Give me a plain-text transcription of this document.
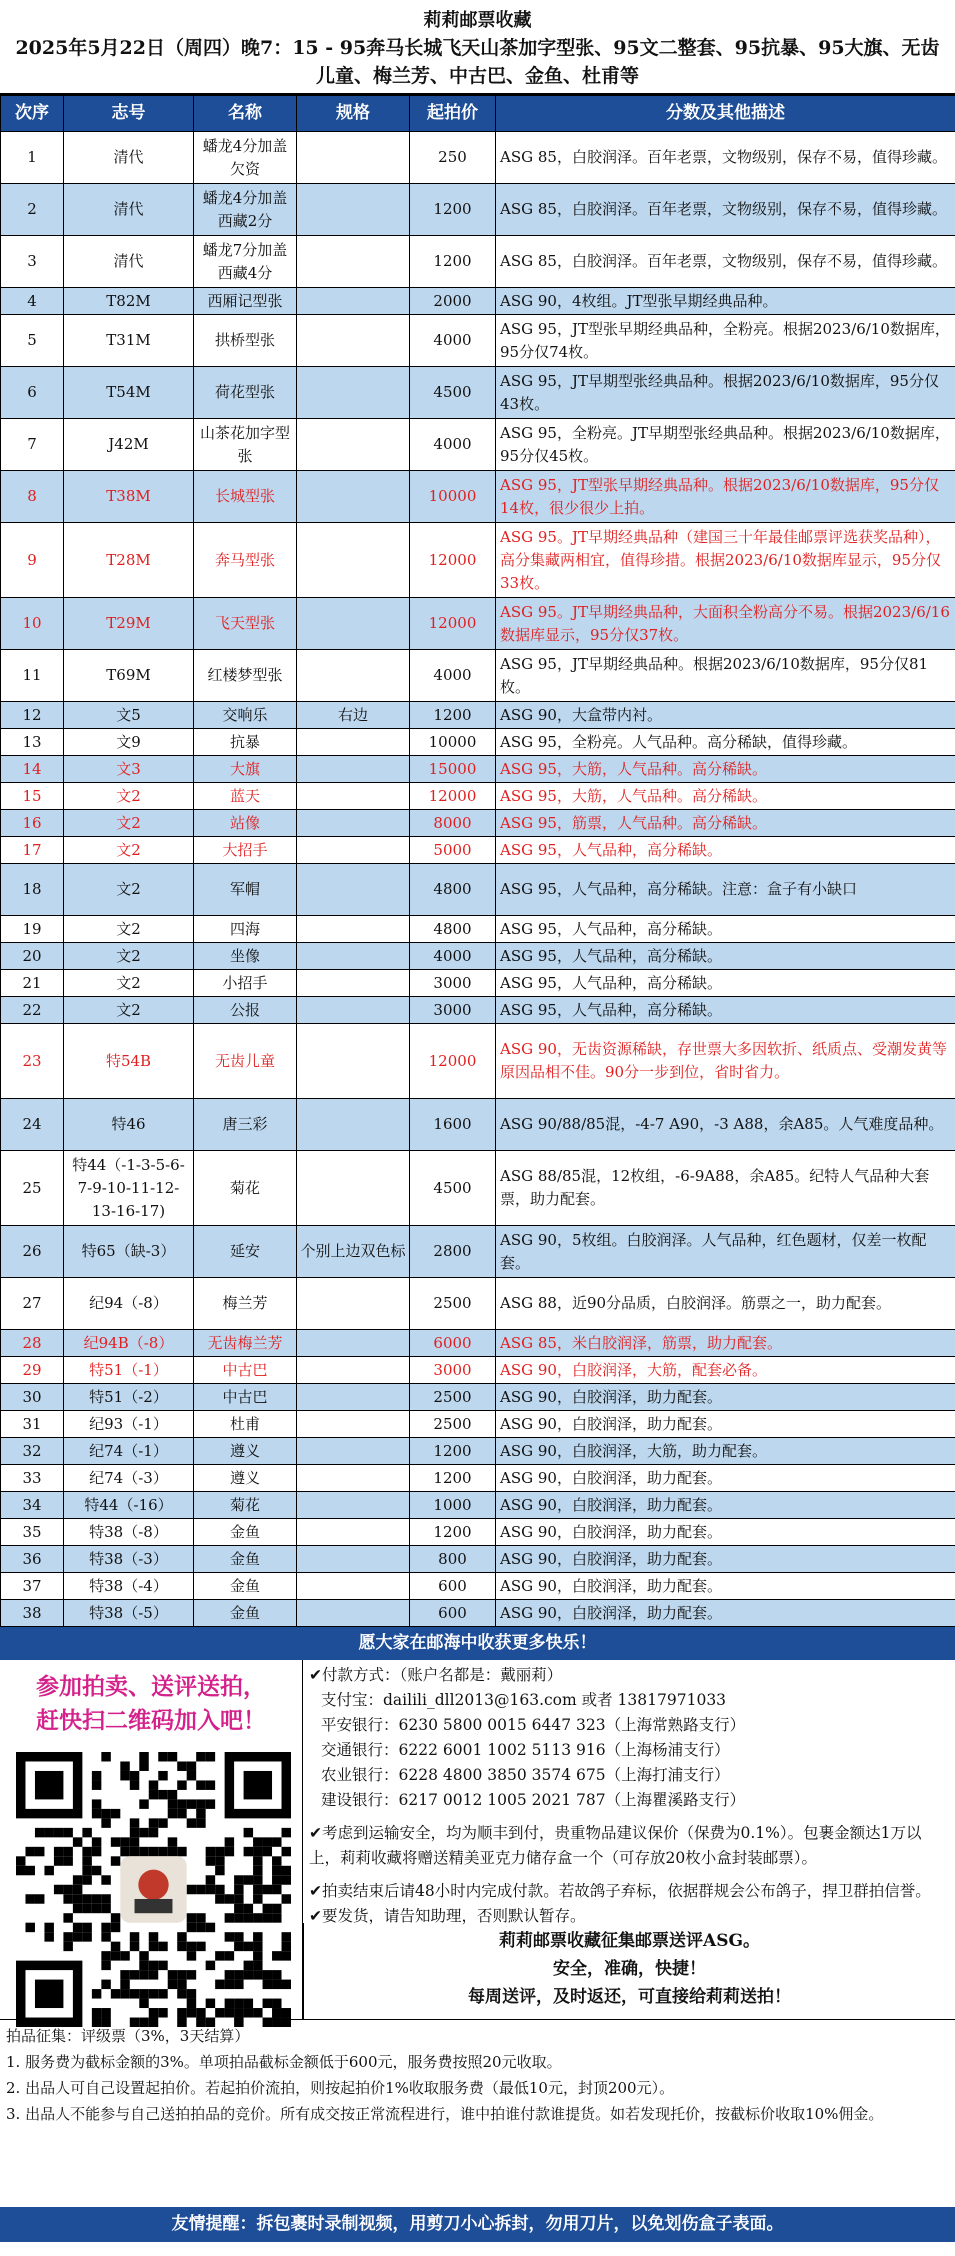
莉莉邮票收藏
2025年5月22日（周四）晚7：15 - 95奔马长城飞天山茶加字型张、95文二整套、95抗暴、95大旗、无齿儿童、梅兰芳、中古巴、金鱼、杜甫等
次序	志号	名称	规格	起拍价	分数及其他描述
1	清代	蟠龙4分加盖欠资		250	ASG 85，白胶润泽。百年老票，文物级别，保存不易，值得珍藏。
2	清代	蟠龙4分加盖西藏2分		1200	ASG 85，白胶润泽。百年老票，文物级别，保存不易，值得珍藏。
3	清代	蟠龙7分加盖西藏4分		1200	ASG 85，白胶润泽。百年老票，文物级别，保存不易，值得珍藏。
4	T82M	西厢记型张		2000	ASG 90，4枚组。JT型张早期经典品种。
5	T31M	拱桥型张		4000	ASG 95，JT型张早期经典品种，全粉亮。根据2023/6/10数据库，95分仅74枚。
6	T54M	荷花型张		4500	ASG 95，JT早期型张经典品种。根据2023/6/10数据库，95分仅43枚。
7	J42M	山茶花加字型张		4000	ASG 95，全粉亮。JT早期型张经典品种。根据2023/6/10数据库，95分仅45枚。
8	T38M	长城型张		10000	ASG 95，JT型张早期经典品种。根据2023/6/10数据库，95分仅14枚，很少很少上拍。
9	T28M	奔马型张		12000	ASG 95。JT早期经典品种（建国三十年最佳邮票评选获奖品种），高分集藏两相宜，值得珍措。根据2023/6/10数据库显示，95分仅33枚。
10	T29M	飞天型张		12000	ASG 95。JT早期经典品种，大面积全粉高分不易。根据2023/6/16数据库显示，95分仅37枚。
11	T69M	红楼梦型张		4000	ASG 95，JT早期经典品种。根据2023/6/10数据库，95分仅81枚。
12	文5	交响乐	右边	1200	ASG 90，大盒带内衬。
13	文9	抗暴		10000	ASG 95，全粉亮。人气品种。高分稀缺，值得珍藏。
14	文3	大旗		15000	ASG 95，大筋，人气品种。高分稀缺。
15	文2	蓝天		12000	ASG 95，大筋，人气品种。高分稀缺。
16	文2	站像		8000	ASG 95，筋票，人气品种。高分稀缺。
17	文2	大招手		5000	ASG 95，人气品种，高分稀缺。
18	文2	军帽		4800	ASG 95，人气品种，高分稀缺。注意：盒子有小缺口
19	文2	四海		4800	ASG 95，人气品种，高分稀缺。
20	文2	坐像		4000	ASG 95，人气品种，高分稀缺。
21	文2	小招手		3000	ASG 95，人气品种，高分稀缺。
22	文2	公报		3000	ASG 95，人气品种，高分稀缺。
23	特54B	无齿儿童		12000	ASG 90，无齿资源稀缺，存世票大多因软折、纸质点、受潮发黄等原因品相不佳。90分一步到位，省时省力。
24	特46	唐三彩		1600	ASG 90/88/85混，-4-7 A90，-3 A88，余A85。人气难度品种。
25	特44（-1-3-5-6-7-9-10-11-12-13-16-17)	菊花		4500	ASG 88/85混，12枚组，-6-9A88，余A85。纪特人气品种大套票，助力配套。
26	特65（缺-3）	延安	个别上边双色标	2800	ASG 90，5枚组。白胶润泽。人气品种，红色题材，仅差一枚配套。
27	纪94（-8）	梅兰芳		2500	ASG 88，近90分品质，白胶润泽。筋票之一，助力配套。
28	纪94B（-8）	无齿梅兰芳		6000	ASG 85，米白胶润泽，筋票，助力配套。
29	特51（-1）	中古巴		3000	ASG 90，白胶润泽，大筋，配套必备。
30	特51（-2）	中古巴		2500	ASG 90，白胶润泽，助力配套。
31	纪93（-1）	杜甫		2500	ASG 90，白胶润泽，助力配套。
32	纪74（-1）	遵义		1200	ASG 90，白胶润泽，大筋，助力配套。
33	纪74（-3）	遵义		1200	ASG 90，白胶润泽，助力配套。
34	特44（-16）	菊花		1000	ASG 90，白胶润泽，助力配套。
35	特38（-8）	金鱼		1200	ASG 90，白胶润泽，助力配套。
36	特38（-3）	金鱼		800	ASG 90，白胶润泽，助力配套。
37	特38（-4）	金鱼		600	ASG 90，白胶润泽，助力配套。
38	特38（-5）	金鱼		600	ASG 90，白胶润泽，助力配套。
愿大家在邮海中收获更多快乐！
参加拍卖、送评送拍，
赶快扫二维码加入吧！
✔付款方式：（账户名都是：戴丽莉）
支付宝：dailili_dll2013@163.com 或者 13817971033
平安银行：6230 5800 0015 6447 323（上海常熟路支行）
交通银行：6222 6001 1002 5113 916（上海杨浦支行）
农业银行：6228 4800 3850 3574 675（上海打浦支行）
建设银行：6217 0012 1005 2021 787（上海瞿溪路支行）
✔考虑到运输安全，均为顺丰到付，贵重物品建议保价（保费为0.1%）。包裹金额达1万以上，莉莉收藏将赠送精美亚克力储存盒一个（可存放20枚小盒封装邮票）。
✔拍卖结束后请48小时内完成付款。若故鸽子弃标，依据群规会公布鸽子，捍卫群拍信誉。
✔要发货，请告知助理，否则默认暂存。
莉莉邮票收藏征集邮票送评ASG。
安全，准确，快捷！
每周送评，及时返还，可直接给莉莉送拍！
拍品征集：评级票（3%，3天结算）
1. 服务费为截标金额的3%。单项拍品截标金额低于600元，服务费按照20元收取。
2. 出品人可自己设置起拍价。若起拍价流拍，则按起拍价1%收取服务费（最低10元，封顶200元）。
3. 出品人不能参与自己送拍拍品的竞价。所有成交按正常流程进行，谁中拍谁付款谁提货。如若发现托价，按截标价收取10%佣金。
友情提醒：拆包裹时录制视频，用剪刀小心拆封，勿用刀片，以免划伤盒子表面。
